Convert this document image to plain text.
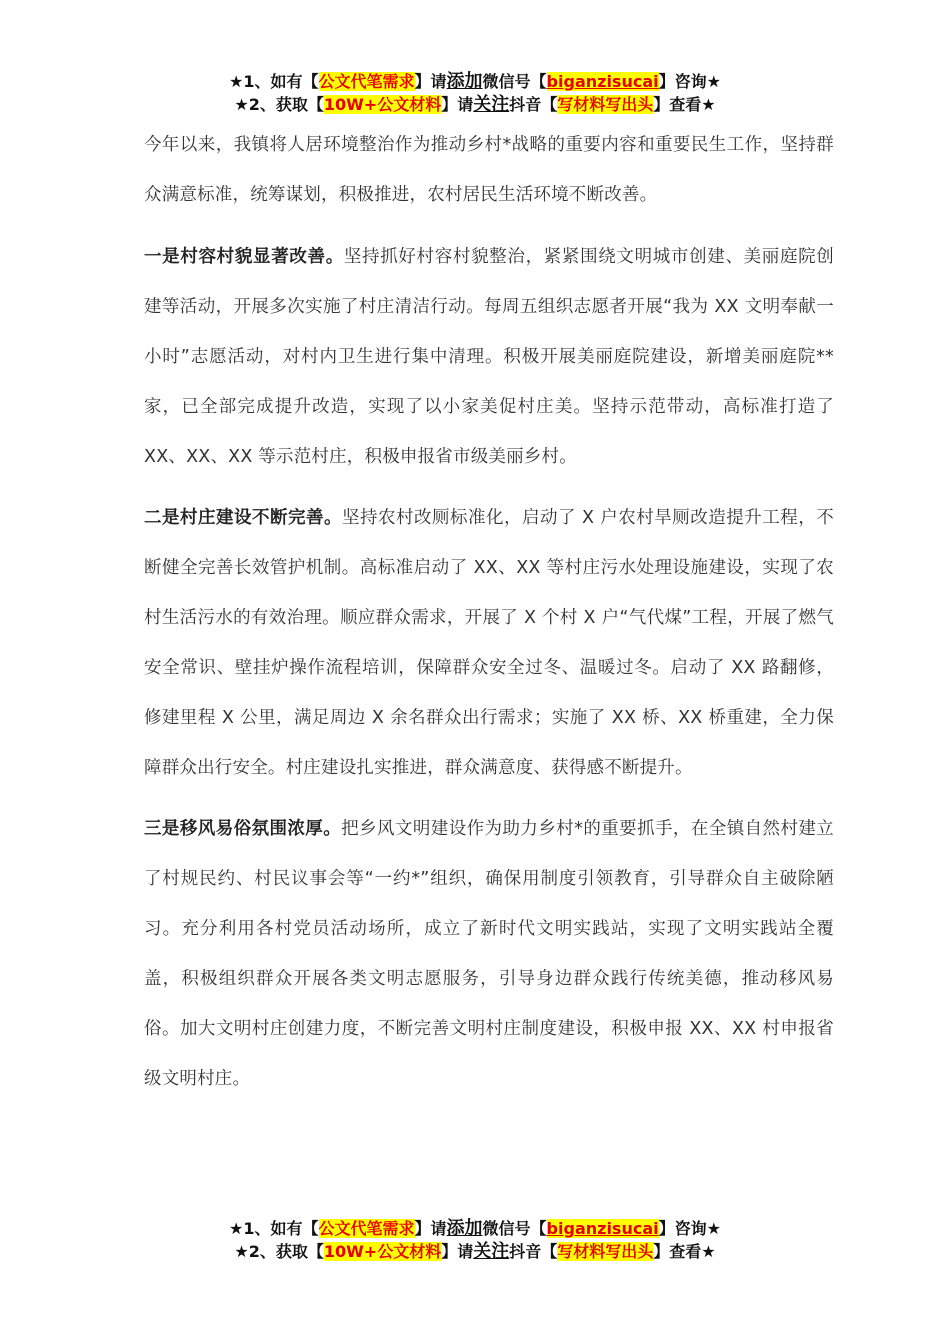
★1、如有【公文代笔需求】请添加微信号【biganzisucai】咨询★
★2、获取【10W+公文材料】请关注抖音【写材料写出头】查看★

今年以来，我镇将人居环境整治作为推动乡村*战略的重要内容和重要民生工作，坚持群众满意标准，统筹谋划，积极推进，农村居民生活环境不断改善。

一是村容村貌显著改善。坚持抓好村容村貌整治，紧紧围绕文明城市创建、美丽庭院创建等活动，开展多次实施了村庄清洁行动。每周五组织志愿者开展“我为 XX 文明奉献一小时”志愿活动，对村内卫生进行集中清理。积极开展美丽庭院建设，新增美丽庭院**家，已全部完成提升改造，实现了以小家美促村庄美。坚持示范带动，高标准打造了 XX、XX、XX 等示范村庄，积极申报省市级美丽乡村。

二是村庄建设不断完善。坚持农村改厕标准化，启动了 X 户农村旱厕改造提升工程，不断健全完善长效管护机制。高标准启动了 XX、XX 等村庄污水处理设施建设，实现了农村生活污水的有效治理。顺应群众需求，开展了 X 个村 X 户“气代煤”工程，开展了燃气安全常识、壁挂炉操作流程培训，保障群众安全过冬、温暖过冬。启动了 XX 路翻修，修建里程 X 公里，满足周边 X 余名群众出行需求；实施了 XX 桥、XX 桥重建，全力保障群众出行安全。村庄建设扎实推进，群众满意度、获得感不断提升。

三是移风易俗氛围浓厚。把乡风文明建设作为助力乡村*的重要抓手，在全镇自然村建立了村规民约、村民议事会等“一约*”组织，确保用制度引领教育，引导群众自主破除陋习。充分利用各村党员活动场所，成立了新时代文明实践站，实现了文明实践站全覆盖，积极组织群众开展各类文明志愿服务，引导身边群众践行传统美德，推动移风易俗。加大文明村庄创建力度，不断完善文明村庄制度建设，积极申报 XX、XX 村申报省级文明村庄。

★1、如有【公文代笔需求】请添加微信号【biganzisucai】咨询★
★2、获取【10W+公文材料】请关注抖音【写材料写出头】查看★
